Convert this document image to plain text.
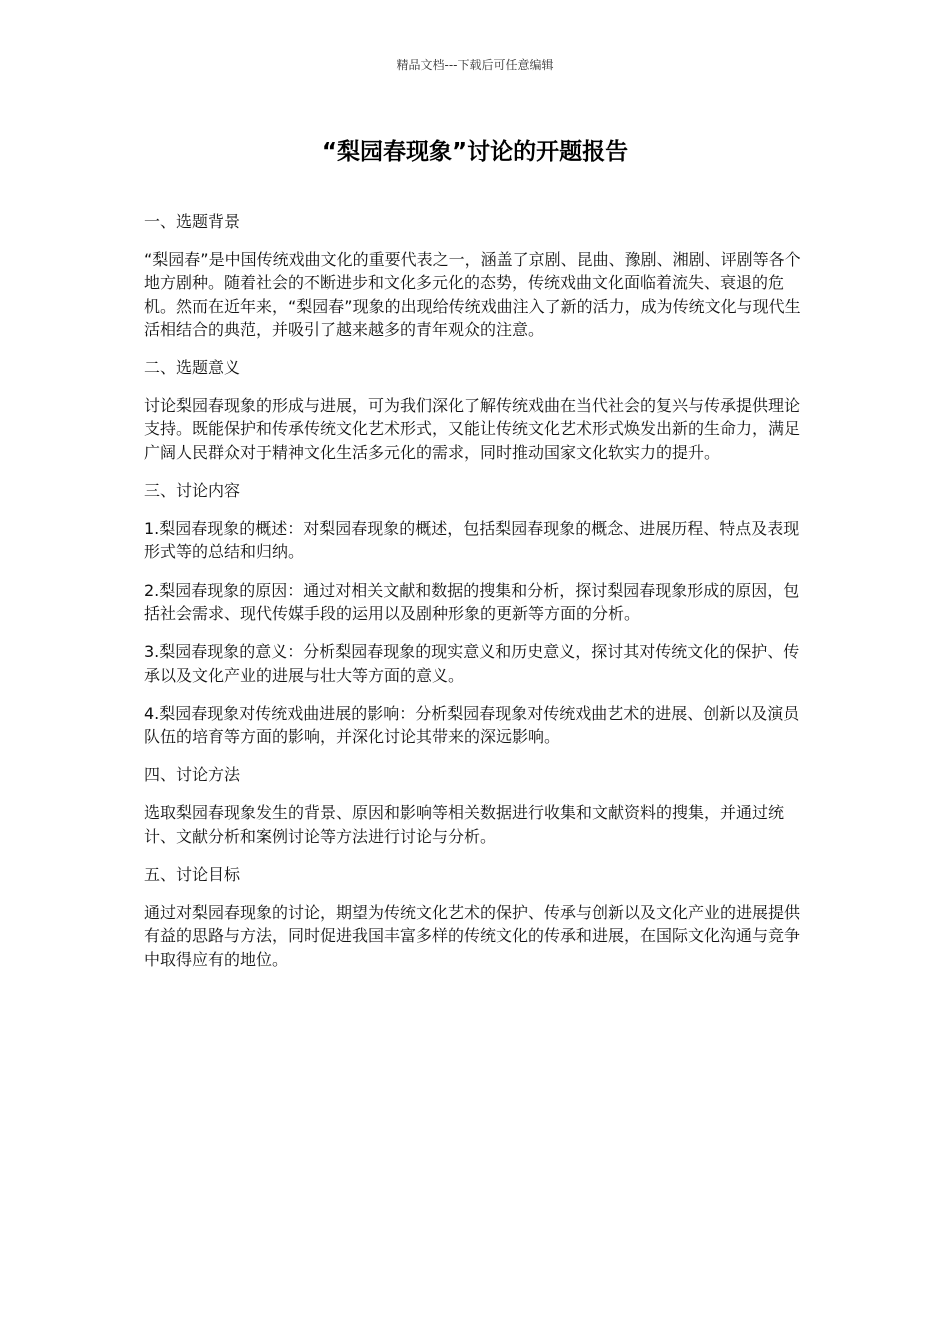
精品文档---下载后可任意编辑
“梨园春现象”讨论的开题报告
一、选题背景

“梨园春”是中国传统戏曲文化的重要代表之一，涵盖了京剧、昆曲、豫剧、湘剧、评剧等各个地方剧种。随着社会的不断进步和文化多元化的态势，传统戏曲文化面临着流失、衰退的危机。然而在近年来，“梨园春”现象的出现给传统戏曲注入了新的活力，成为传统文化与现代生活相结合的典范，并吸引了越来越多的青年观众的注意。

二、选题意义

讨论梨园春现象的形成与进展，可为我们深化了解传统戏曲在当代社会的复兴与传承提供理论支持。既能保护和传承传统文化艺术形式，又能让传统文化艺术形式焕发出新的生命力，满足广阔人民群众对于精神文化生活多元化的需求，同时推动国家文化软实力的提升。

三、讨论内容

1.梨园春现象的概述：对梨园春现象的概述，包括梨园春现象的概念、进展历程、特点及表现形式等的总结和归纳。

2.梨园春现象的原因：通过对相关文献和数据的搜集和分析，探讨梨园春现象形成的原因，包括社会需求、现代传媒手段的运用以及剧种形象的更新等方面的分析。

3.梨园春现象的意义：分析梨园春现象的现实意义和历史意义，探讨其对传统文化的保护、传承以及文化产业的进展与壮大等方面的意义。

4.梨园春现象对传统戏曲进展的影响：分析梨园春现象对传统戏曲艺术的进展、创新以及演员队伍的培育等方面的影响，并深化讨论其带来的深远影响。

四、讨论方法

选取梨园春现象发生的背景、原因和影响等相关数据进行收集和文献资料的搜集，并通过统计、文献分析和案例讨论等方法进行讨论与分析。

五、讨论目标

通过对梨园春现象的讨论，期望为传统文化艺术的保护、传承与创新以及文化产业的进展提供有益的思路与方法，同时促进我国丰富多样的传统文化的传承和进展，在国际文化沟通与竞争中取得应有的地位。
